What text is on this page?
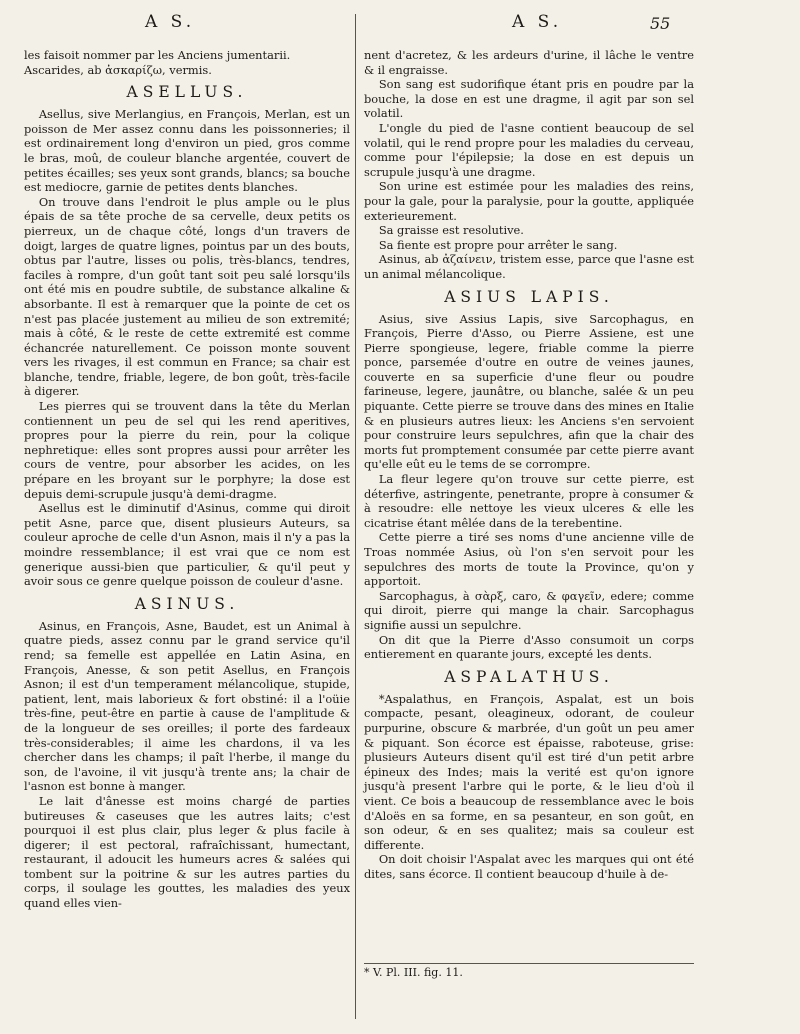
A S.	A S.	55

les faisoit nommer par les Anciens jumentarii.

Ascarides, ab ἀσκαρίζω, vermis.

ASELLUS.

Asellus, sive Merlangius, en François, Merlan, est un poisson de Mer assez connu dans les poissonneries; il est ordinairement long d'environ un pied, gros comme le bras, moû, de couleur blanche argentée, couvert de petites écailles; ses yeux sont grands, blancs; sa bouche est mediocre, garnie de petites dents blanches.

On trouve dans l'endroit le plus ample ou le plus épais de sa tête proche de sa cervelle, deux petits os pierreux, un de chaque côté, longs d'un travers de doigt, larges de quatre lignes, pointus par un des bouts, obtus par l'autre, lisses ou polis, très-blancs, tendres, faciles à rompre, d'un goût tant soit peu salé lorsqu'ils ont été mis en poudre subtile, de substance alkaline & absorbante. Il est à remarquer que la pointe de cet os n'est pas placée justement au milieu de son extremité; mais à côté, & le reste de cette extremité est comme échancrée naturellement. Ce poisson monte souvent vers les rivages, il est commun en France; sa chair est blanche, tendre, friable, legere, de bon goût, très-facile à digerer.

Les pierres qui se trouvent dans la tête du Merlan contiennent un peu de sel qui les rend aperitives, propres pour la pierre du rein, pour la colique nephretique: elles sont propres aussi pour arrêter les cours de ventre, pour absorber les acides, on les prépare en les broyant sur le porphyre; la dose est depuis demi-scrupule jusqu'à demi-dragme.

Asellus est le diminutif d'Asinus, comme qui diroit petit Asne, parce que, disent plusieurs Auteurs, sa couleur aproche de celle d'un Asnon, mais il n'y a pas la moindre ressemblance; il est vrai que ce nom est generique aussi-bien que particulier, & qu'il peut y avoir sous ce genre quelque poisson de couleur d'asne.

ASINUS.

Asinus, en François, Asne, Baudet, est un Animal à quatre pieds, assez connu par le grand service qu'il rend; sa femelle est appellée en Latin Asina, en François, Anesse, & son petit Asellus, en François Asnon; il est d'un temperament mélancolique, stupide, patient, lent, mais laborieux & fort obstiné: il a l'oüie très-fine, peut-être en partie à cause de l'amplitude & de la longueur de ses oreilles; il porte des fardeaux très-considerables; il aime les chardons, il va les chercher dans les champs; il paît l'herbe, il mange du son, de l'avoine, il vit jusqu'à trente ans; la chair de l'asnon est bonne à manger.

Le lait d'ânesse est moins chargé de parties butireuses & caseuses que les autres laits; c'est pourquoi il est plus clair, plus leger & plus facile à digerer; il est pectoral, rafraîchissant, humectant, restaurant, il adoucit les humeurs acres & salées qui tombent sur la poitrine & sur les autres parties du corps, il soulage les gouttes, les maladies des yeux quand elles vien-

nent d'acretez, & les ardeurs d'urine, il lâche le ventre & il engraisse.

Son sang est sudorifique étant pris en poudre par la bouche, la dose en est une dragme, il agit par son sel volatil.

L'ongle du pied de l'asne contient beaucoup de sel volatil, qui le rend propre pour les maladies du cerveau, comme pour l'épilepsie; la dose en est depuis un scrupule jusqu'à une dragme.

Son urine est estimée pour les maladies des reins, pour la gale, pour la paralysie, pour la goutte, appliquée exterieurement.

Sa graisse est resolutive.

Sa fiente est propre pour arrêter le sang.

Asinus, ab ἀζαίνειν, tristem esse, parce que l'asne est un animal mélancolique.

ASIUS LAPIS.

Asius, sive Assius Lapis, sive Sarcophagus, en François, Pierre d'Asso, ou Pierre Assiene, est une Pierre spongieuse, legere, friable comme la pierre ponce, parsemée d'outre en outre de veines jaunes, couverte en sa superficie d'une fleur ou poudre farineuse, legere, jaunâtre, ou blanche, salée & un peu piquante. Cette pierre se trouve dans des mines en Italie & en plusieurs autres lieux: les Anciens s'en servoient pour construire leurs sepulchres, afin que la chair des morts fut promptement consumée par cette pierre avant qu'elle eût eu le tems de se corrompre.

La fleur legere qu'on trouve sur cette pierre, est déterfive, astringente, penetrante, propre à consumer & à resoudre: elle nettoye les vieux ulceres & elle les cicatrise étant mêlée dans de la terebentine.

Cette pierre a tiré ses noms d'une ancienne ville de Troas nommée Asius, où l'on s'en servoit pour les sepulchres des morts de toute la Province, qu'on y apportoit.

Sarcophagus, à σὰρξ, caro, & φαγεῖν, edere; comme qui diroit, pierre qui mange la chair. Sarcophagus signifie aussi un sepulchre.

On dit que la Pierre d'Asso consumoit un corps entierement en quarante jours, excepté les dents.

ASPALATHUS.

*Aspalathus, en François, Aspalat, est un bois compacte, pesant, oleagineux, odorant, de couleur purpurine, obscure & marbrée, d'un goût un peu amer & piquant. Son écorce est épaisse, raboteuse, grise: plusieurs Auteurs disent qu'il est tiré d'un petit arbre épineux des Indes; mais la verité est qu'on ignore jusqu'à present l'arbre qui le porte, & le lieu d'où il vient. Ce bois a beaucoup de ressemblance avec le bois d'Aloës en sa forme, en sa pesanteur, en son goût, en son odeur, & en ses qualitez; mais sa couleur est differente.

On doit choisir l'Aspalat avec les marques qui ont été dites, sans écorce. Il contient beaucoup d'huile à de-

* V. Pl. III. fig. 11.
